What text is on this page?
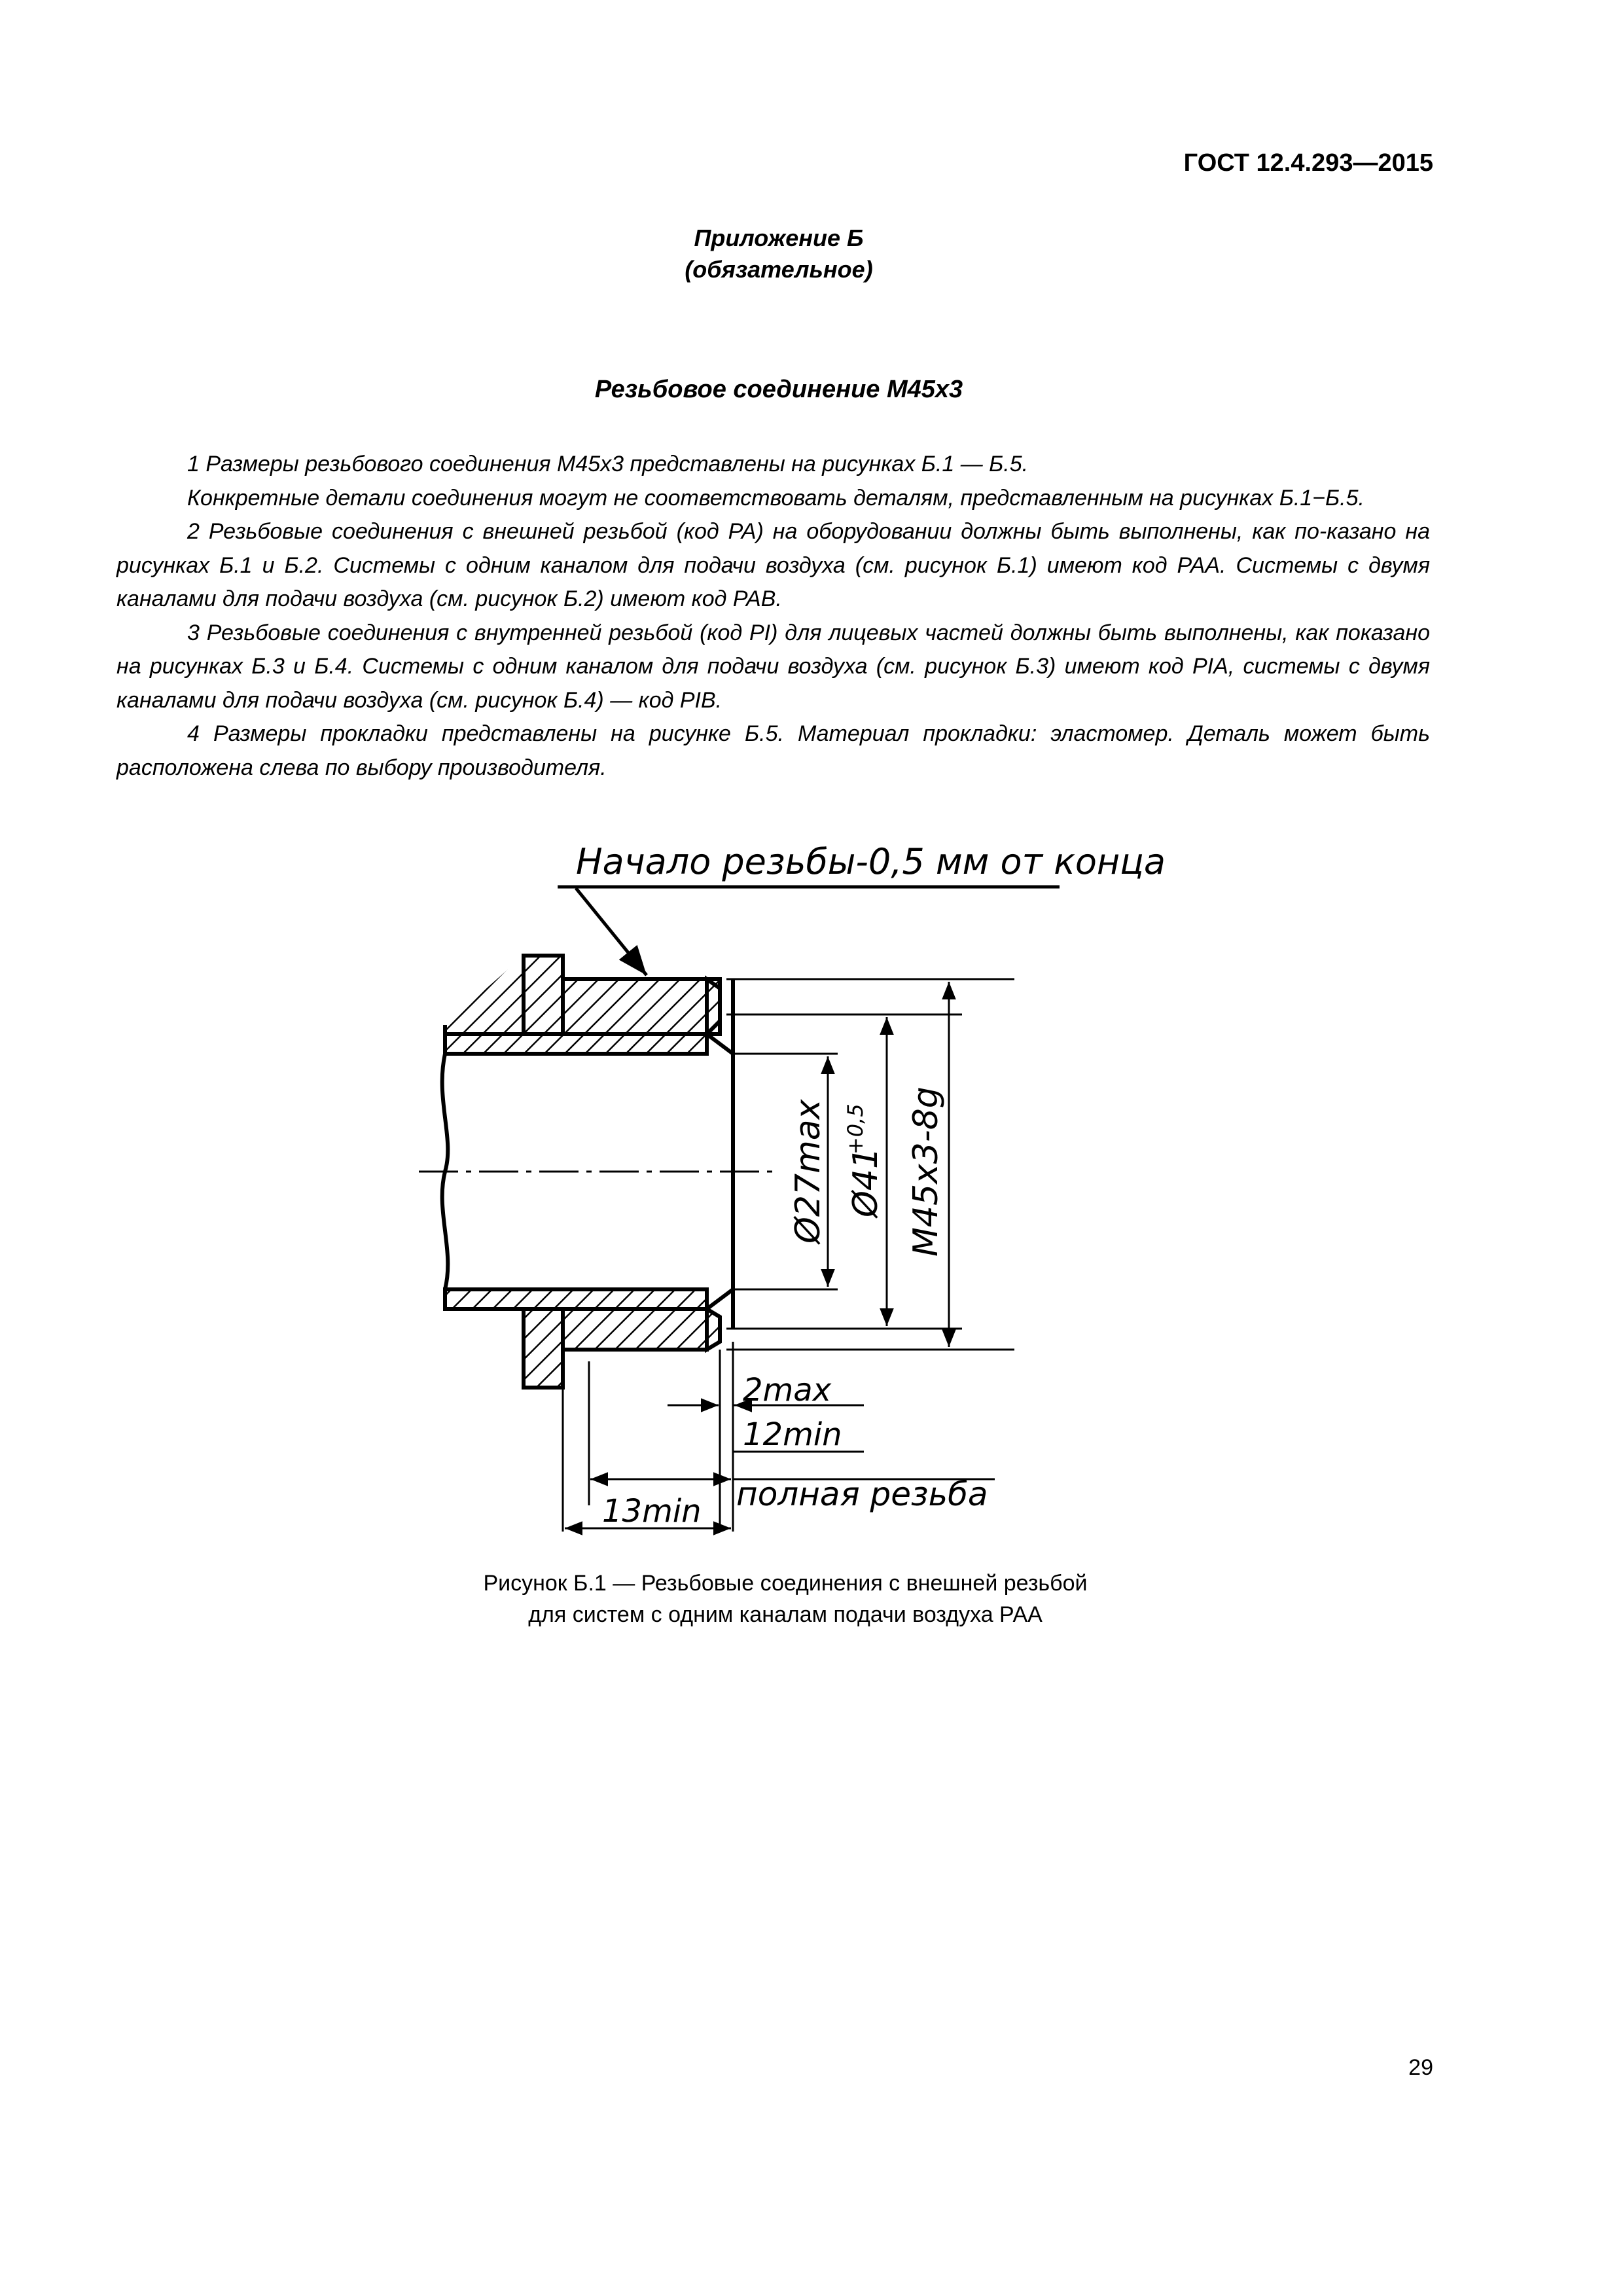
ГОСТ 12.4.293—2015
Приложение Б
(обязательное)
Резьбовое соединение М45х3

1 Размеры резьбового соединения М45х3 представлены на рисунках Б.1 — Б.5.

Конкретные детали соединения могут не соответствовать деталям, представленным на рисунках Б.1−Б.5.

2 Резьбовые соединения с внешней резьбой (код PA) на оборудовании должны быть выполнены, как по-казано на рисунках Б.1 и Б.2. Системы с одним каналом для подачи воздуха (см. рисунок Б.1) имеют код PAA. Системы с двумя каналами для подачи воздуха (см. рисунок Б.2) имеют код PAB.

3 Резьбовые соединения с внутренней резьбой (код PI) для лицевых частей должны быть выполнены, как показано на рисунках Б.3 и Б.4. Системы с одним каналом для подачи воздуха (см. рисунок Б.3) имеют код PIA, системы с двумя каналами для подачи воздуха (см. рисунок Б.4) — код PIB.

4 Размеры прокладки представлены на рисунке Б.5. Материал прокладки: эластомер. Деталь может быть расположена слева по выбору производителя.

Начало резьбы-0,5 мм от конца
Ø27max Ø41
+0,5 M45x3-8g
2max
12min
полная резьба
13min
Рисунок Б.1 — Резьбовые соединения с внешней резьбой
для систем с одним каналам подачи воздуха РАА
29
